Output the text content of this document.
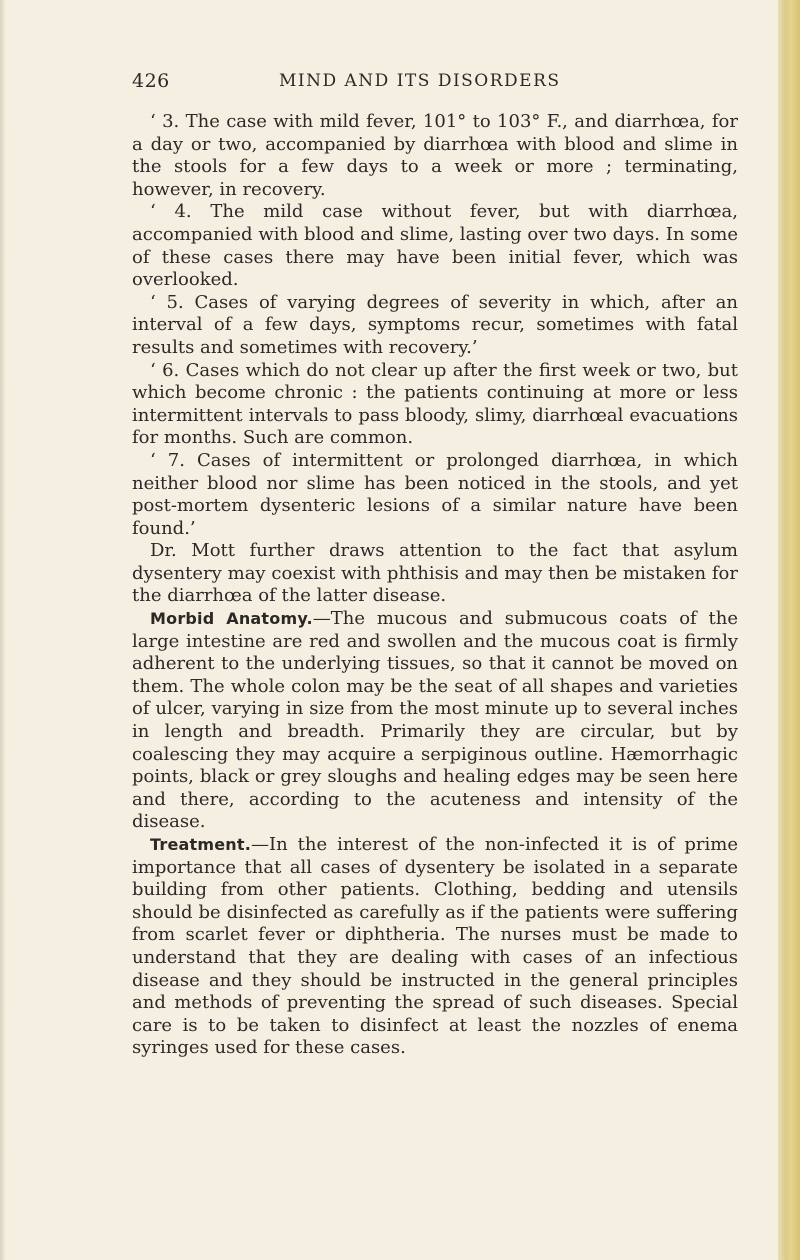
426	MIND AND ITS DISORDERS

‘ 3. The case with mild fever, 101° to 103° F., and diarrhœa, for a day or two, accompanied by diarrhœa with blood and slime in the stools for a few days to a week or more ; terminating, however, in recovery.

‘ 4. The mild case without fever, but with diarrhœa, accompanied with blood and slime, lasting over two days. In some of these cases there may have been initial fever, which was overlooked.

‘ 5. Cases of varying degrees of severity in which, after an interval of a few days, symptoms recur, sometimes with fatal results and sometimes with recovery.’

‘ 6. Cases which do not clear up after the first week or two, but which become chronic : the patients continuing at more or less intermittent intervals to pass bloody, slimy, diarrhœal evacuations for months. Such are common.

‘ 7. Cases of intermittent or prolonged diarrhœa, in which neither blood nor slime has been noticed in the stools, and yet post-mortem dysenteric lesions of a similar nature have been found.’

Dr. Mott further draws attention to the fact that asylum dysentery may coexist with phthisis and may then be mistaken for the diarrhœa of the latter disease.

Morbid Anatomy.—The mucous and submucous coats of the large intestine are red and swollen and the mucous coat is firmly adherent to the underlying tissues, so that it cannot be moved on them. The whole colon may be the seat of all shapes and varieties of ulcer, varying in size from the most minute up to several inches in length and breadth. Primarily they are circular, but by coalescing they may acquire a serpiginous outline. Hæmorrhagic points, black or grey sloughs and healing edges may be seen here and there, according to the acuteness and intensity of the disease.

Treatment.—In the interest of the non-infected it is of prime importance that all cases of dysentery be isolated in a separate building from other patients. Clothing, bedding and utensils should be disinfected as carefully as if the patients were suffering from scarlet fever or diphtheria. The nurses must be made to understand that they are dealing with cases of an infectious disease and they should be instructed in the general principles and methods of preventing the spread of such diseases. Special care is to be taken to disinfect at least the nozzles of enema syringes used for these cases.
